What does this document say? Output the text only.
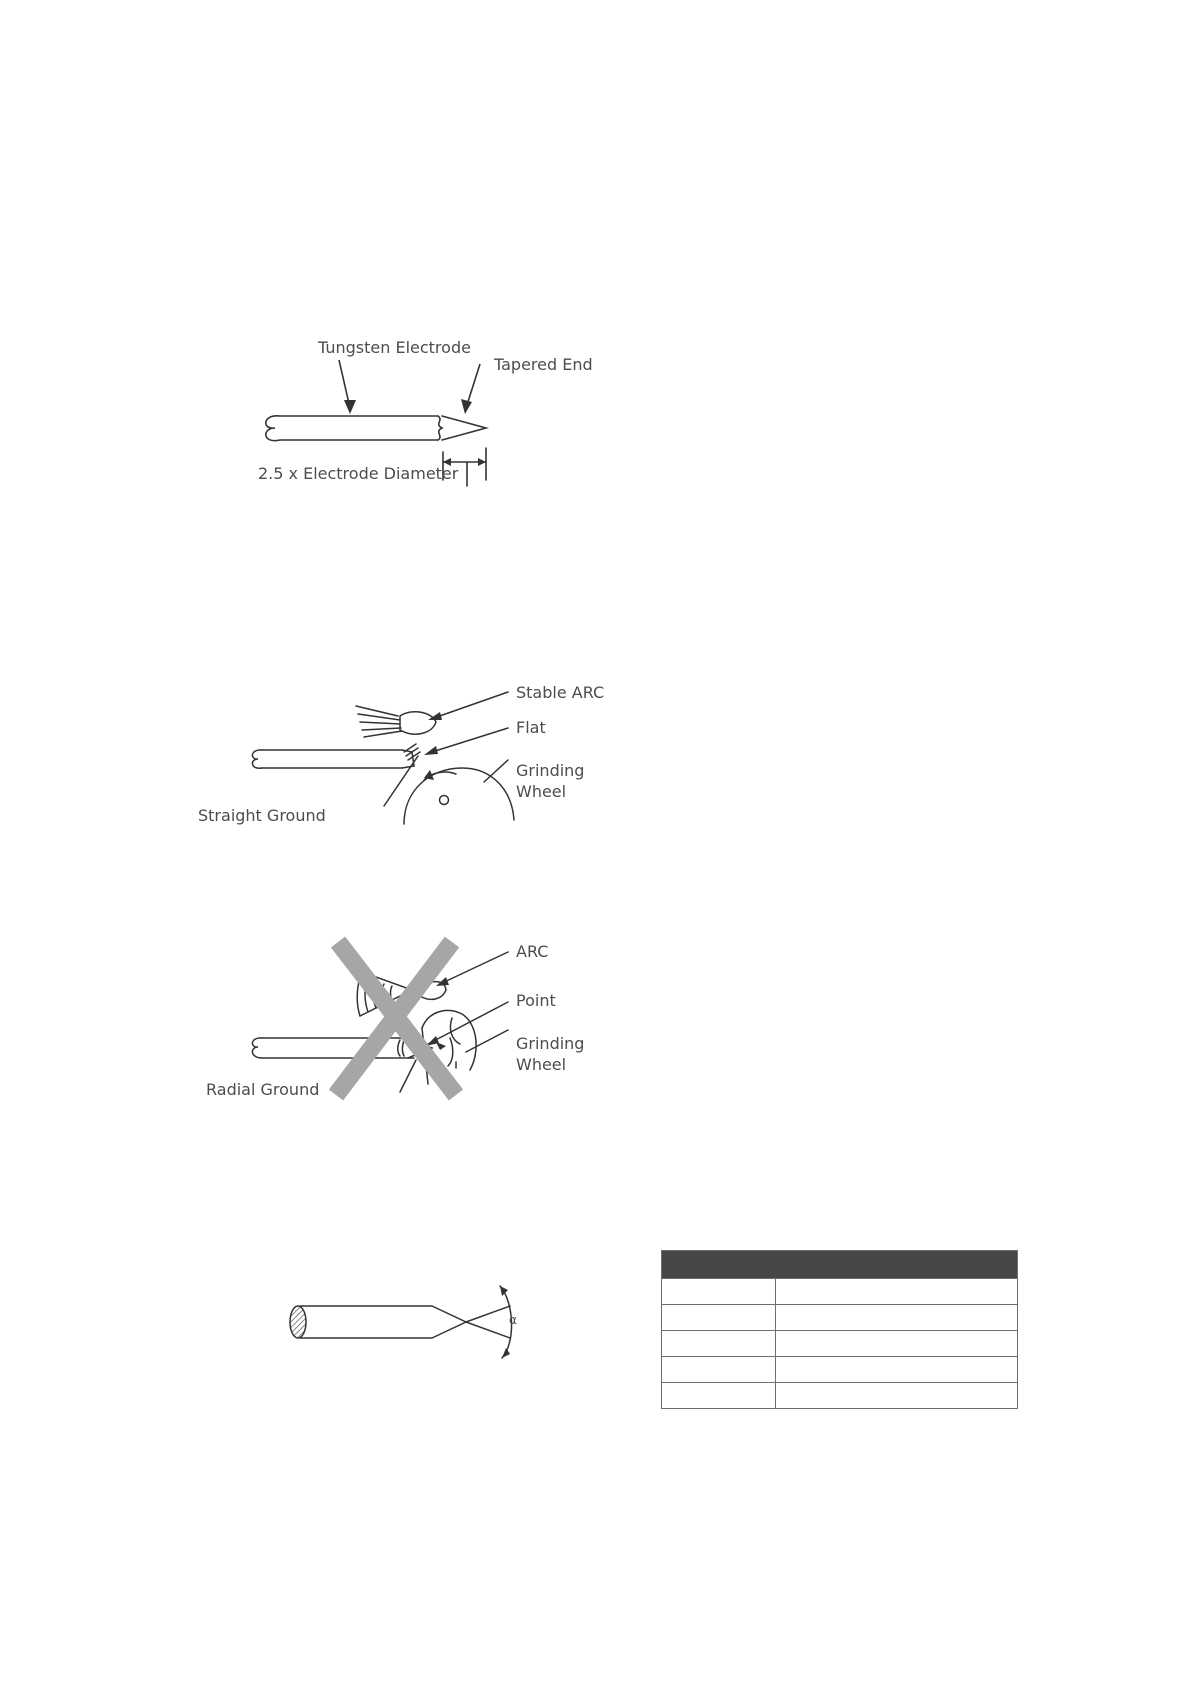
Tungsten Electrode
Tapered End
2.5 x Electrode Diameter
Stable ARC
Flat
Grinding
Wheel
Straight Ground
ARC
Point
Grinding
Wheel
Radial Ground
α
